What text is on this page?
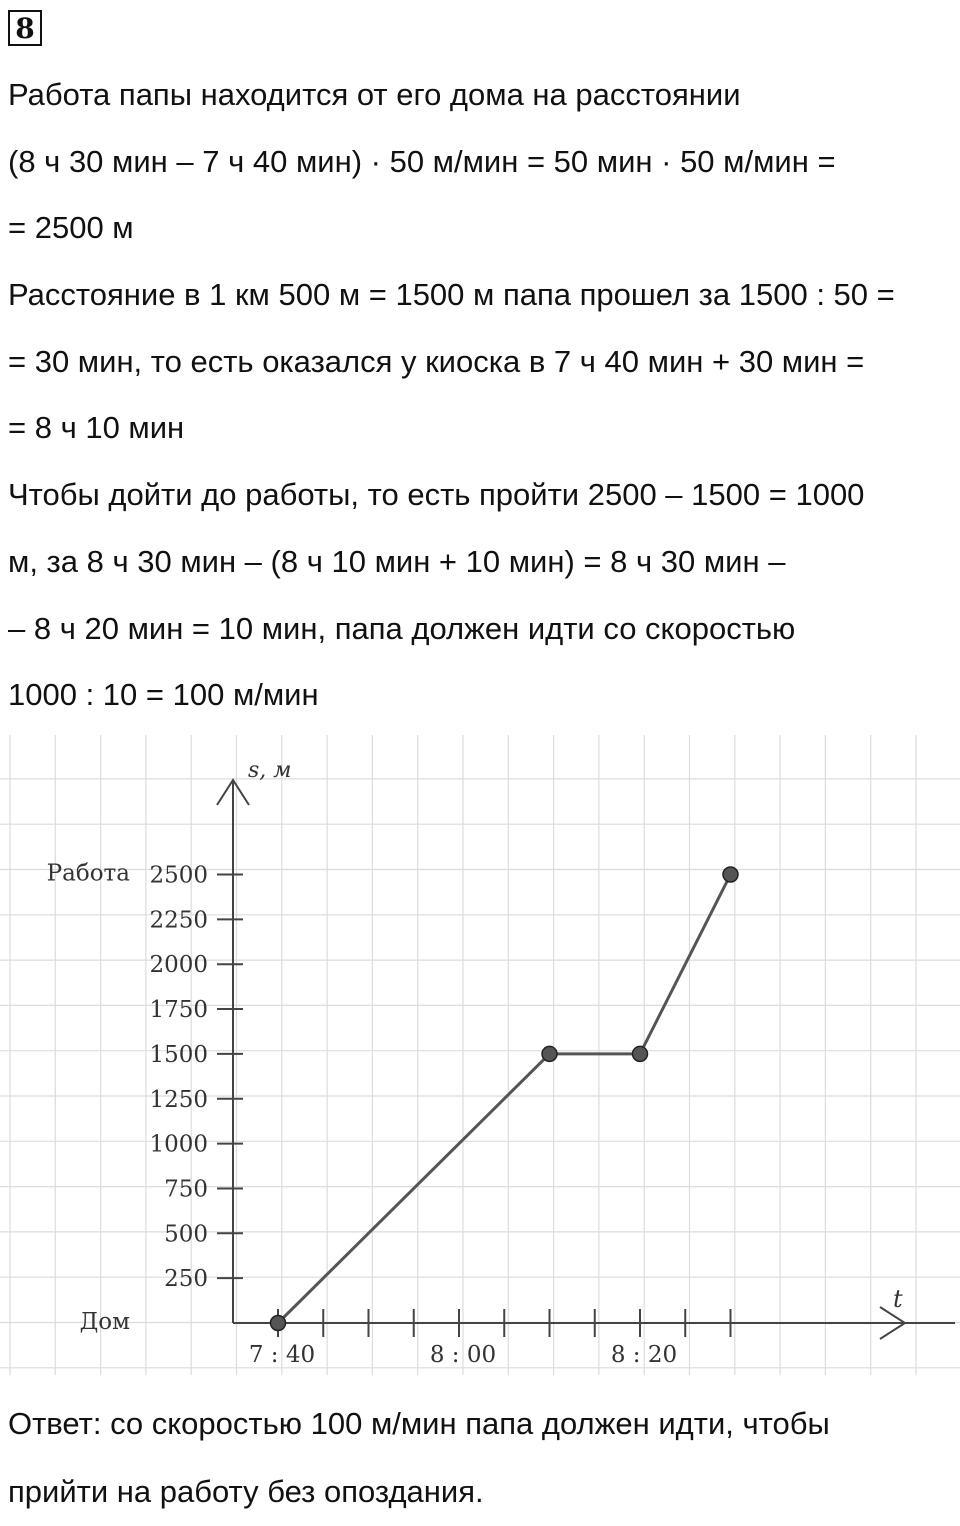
8
Работа папы находится от его дома на расстоянии
(8 ч 30 мин – 7 ч 40 мин) · 50 м/мин = 50 мин · 50 м/мин =
= 2500 м
Расстояние в 1 км 500 м = 1500 м папа прошел за 1500 : 50 =
= 30 мин, то есть оказался у киоска в 7 ч 40 мин + 30 мин =
= 8 ч 10 мин
Чтобы дойти до работы, то есть пройти 2500 – 1500 = 1000
м, за 8 ч 30 мин – (8 ч 10 мин + 10 мин) = 8 ч 30 мин –
– 8 ч 20 мин = 10 мин, папа должен идти со скоростью
1000 : 10 = 100 м/мин
s, м
t
250
500
750
1000
1250
1500
1750
2000
2250
2500
Работа
Дом
7 : 40	8 : 00	8 : 20
Ответ: со скоростью 100 м/мин папа должен идти, чтобы
прийти на работу без опоздания.
